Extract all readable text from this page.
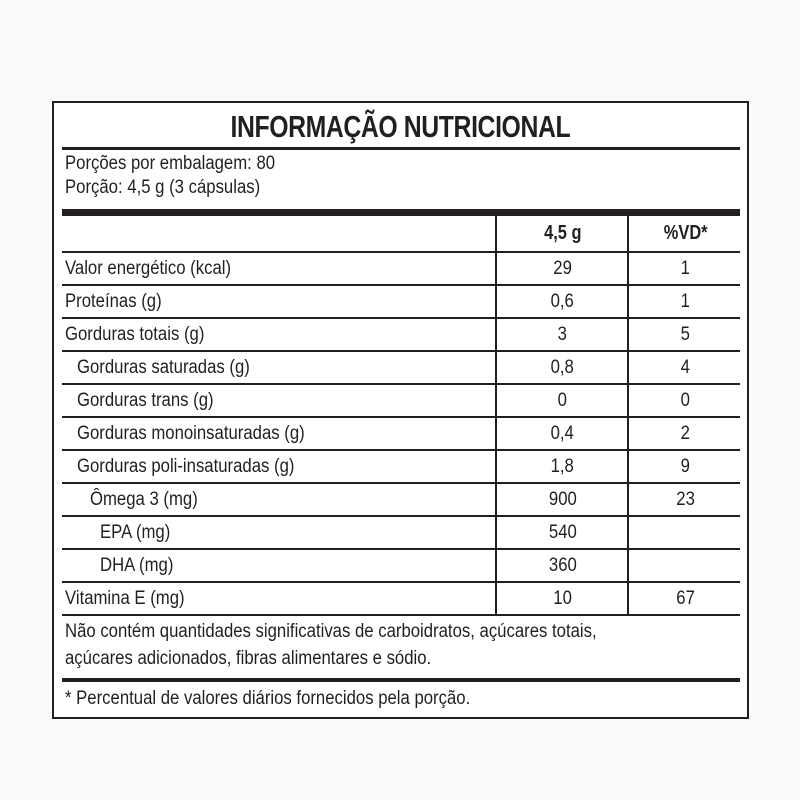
INFORMAÇÃO NUTRICIONAL
Porções por embalagem: 80
Porção: 4,5 g (3 cápsulas)
4,5 g	%VD*
Valor energético (kcal)	29	1
Proteínas (g)	0,6	1
Gorduras totais (g)	3	5
Gorduras saturadas (g)	0,8	4
Gorduras trans (g)	0	0
Gorduras monoinsaturadas (g)	0,4	2
Gorduras poli-insaturadas (g)	1,8	9
Ômega 3 (mg)	900	23
EPA (mg)	540
DHA (mg)	360
Vitamina E (mg)	10	67
Não contém quantidades significativas de carboidratos, açúcares totais,
açúcares adicionados, fibras alimentares e sódio.
* Percentual de valores diários fornecidos pela porção.
